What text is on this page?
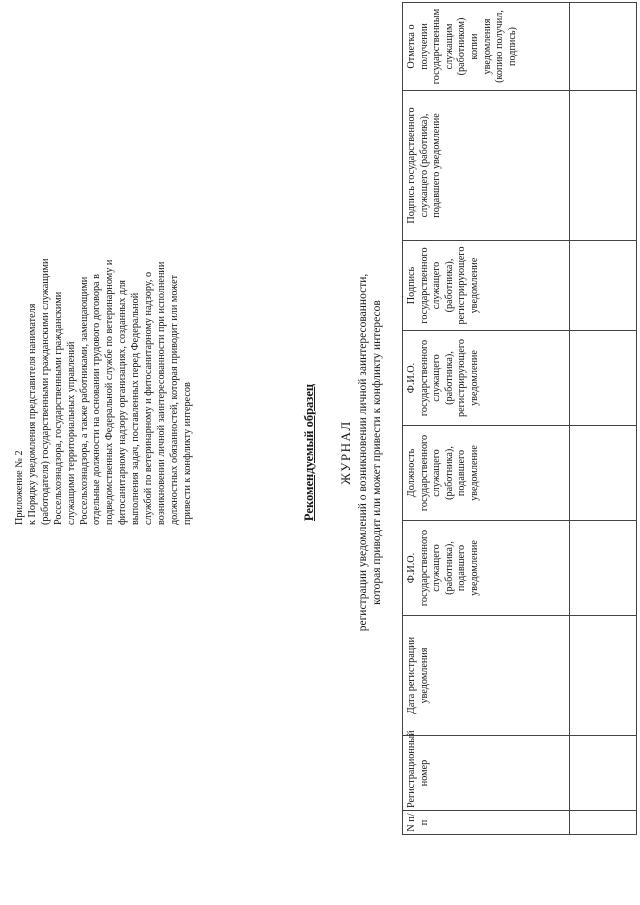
Приложение № 2 к Порядку уведомления представителя нанимателя (работодателя) государственными гражданскими служащими Россельхознадзора, государственными гражданскими служащими территориальных управлений Россельхознадзора, а также работниками, замещающими отдельные должности на основании трудового договора в подведомственных Федеральной службе по ветеринарному и фитосанитарному надзору организациях, созданных для выполнения задач, поставленных перед Федеральной службой по ветеринарному и фитосанитарному надзору, о возникновении личной заинтересованности при исполнении должностных обязанностей, которая приводит или может привести к конфликту интересов	Рекомендуемый образец ЖУРНАЛ регистрации уведомлений о возникновении личной заинтересованности, которая приводит или может привести к конфликту интересов
N п/п	Регистрационный номер	Дата регистрации уведомления	Ф.И.О. государственного служащего (работника), подавшего уведомление	Должность государственного служащего (работника), подавшего уведомление	Ф.И.О. государственного служащего (работника), регистрирующего уведомление	Подпись государственного служащего (работника), регистрирующего уведомление	Подпись государственного служащего (работника), подавшего уведомление	Отметка о получении государственным служащим (работником) копии уведомления (копию получил, подпись)
